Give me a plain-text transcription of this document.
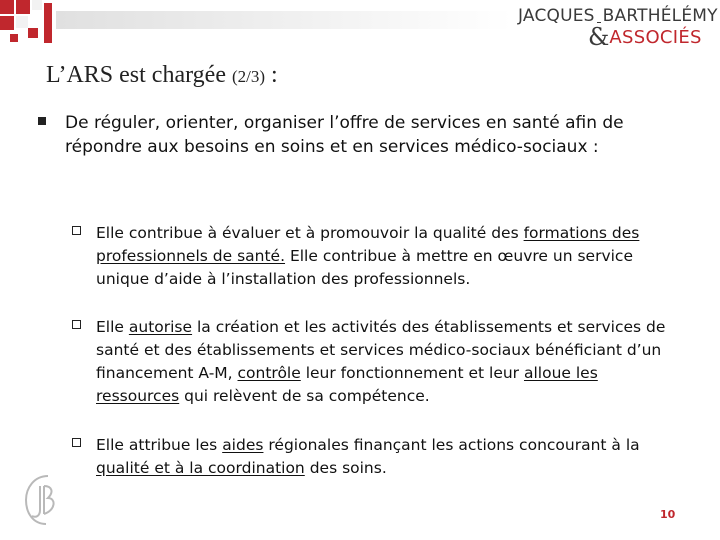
JACQUES BARTHÉLÉMY
&ASSOCIÉS
L’ARS est chargée (2/3) :
De réguler, orienter, organiser l’offre de services en santé afin de répondre aux besoins en soins et en services médico-sociaux :
Elle contribue à évaluer et à promouvoir la qualité des formations des professionnels de santé. Elle contribue à mettre en œuvre un service unique d’aide à l’installation des professionnels.
Elle autorise la création et les activités des établissements et services de santé et des établissements et services médico-sociaux bénéficiant d’un financement A-M, contrôle leur fonctionnement et leur alloue les ressources qui relèvent de sa compétence.
Elle attribue les aides régionales finançant les actions concourant à la qualité et à la coordination des soins.
10
